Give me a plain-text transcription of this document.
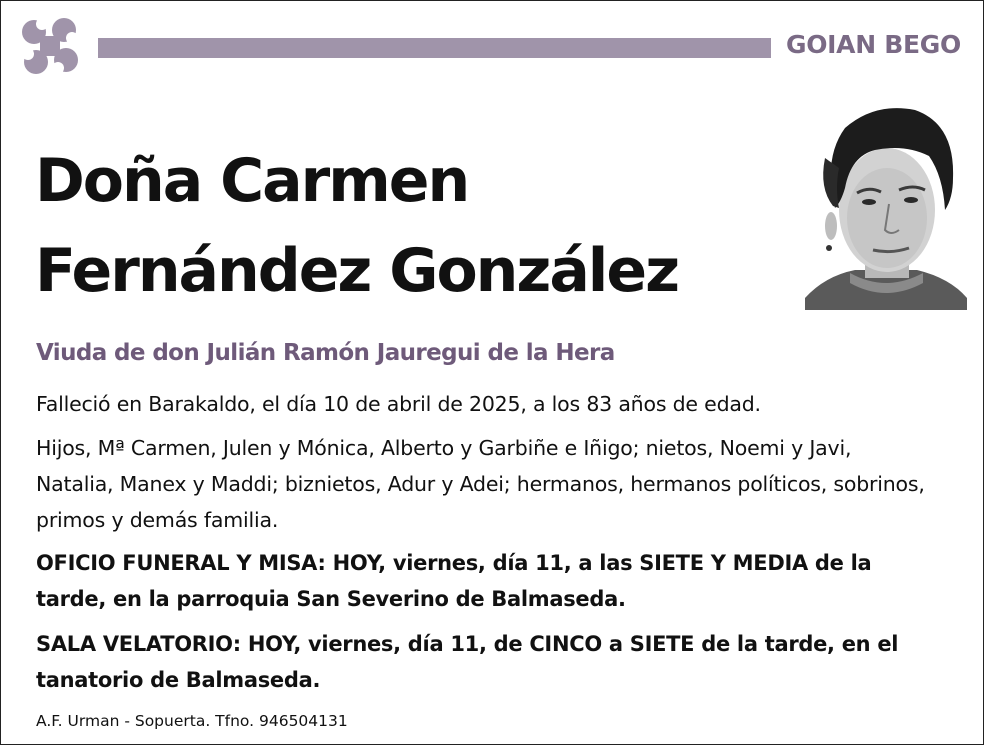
GOIAN BEGO
Doña Carmen
Fernández González
Viuda de don Julián Ramón Jauregui de la Hera
Falleció en Barakaldo, el día 10 de abril de 2025, a los 83 años de edad.
Hijos, Mª Carmen, Julen y Mónica, Alberto y Garbiñe e Iñigo; nietos, Noemi y Javi, Natalia, Manex y Maddi; biznietos, Adur y Adei; hermanos, hermanos políticos, sobrinos, primos y demás familia.
OFICIO FUNERAL Y MISA: HOY, viernes, día 11, a las SIETE Y MEDIA de la tarde, en la parroquia San Severino de Balmaseda.
SALA VELATORIO: HOY, viernes, día 11, de CINCO a SIETE de la tarde, en el tanatorio de Balmaseda.
A.F. Urman - Sopuerta. Tfno. 946504131
